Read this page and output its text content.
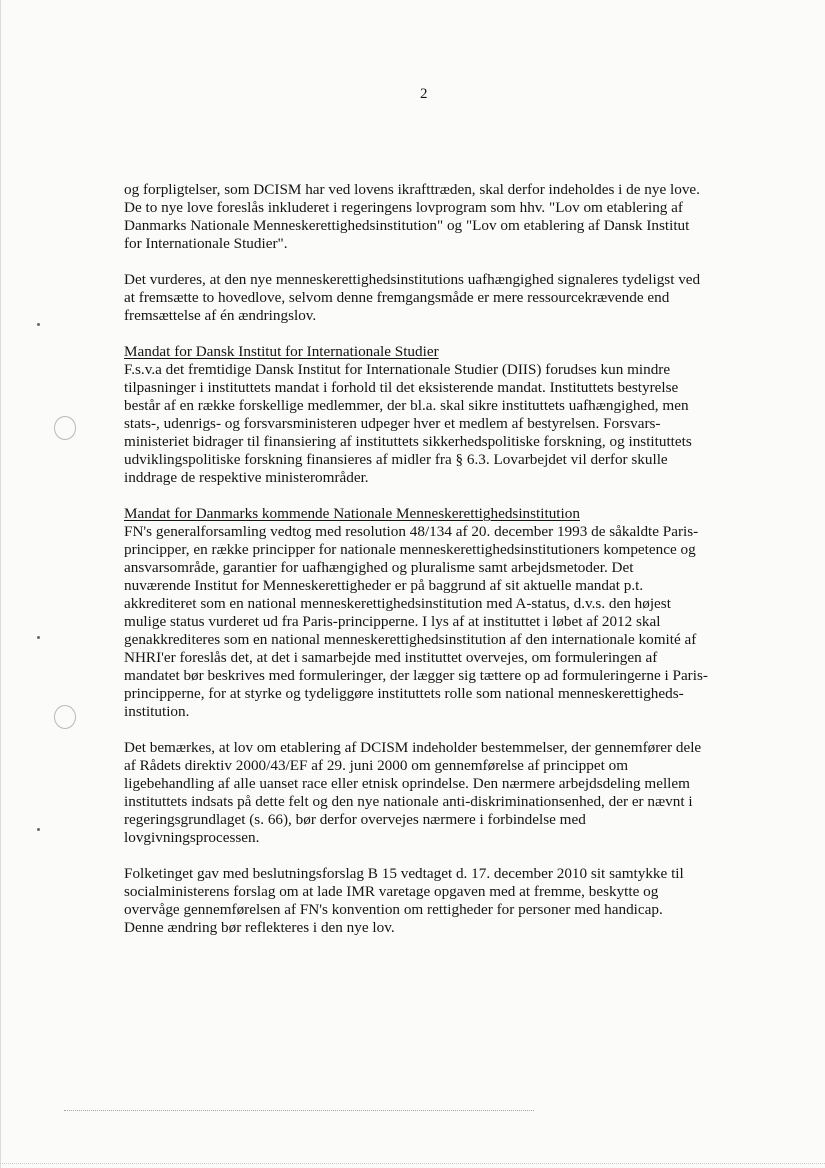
2
og forpligtelser, som DCISM har ved lovens ikrafttræden, skal derfor indeholdes i de nye love.
De to nye love foreslås inkluderet i regeringens lovprogram som hhv. "Lov om etablering af
Danmarks Nationale Menneskerettighedsinstitution" og "Lov om etablering af Dansk Institut
for Internationale Studier".
Det vurderes, at den nye menneskerettighedsinstitutions uafhængighed signaleres tydeligst ved
at fremsætte to hovedlove, selvom denne fremgangsmåde er mere ressourcekrævende end
fremsættelse af én ændringslov.
Mandat for Dansk Institut for Internationale Studier
F.s.v.a det fremtidige Dansk Institut for Internationale Studier (DIIS) forudses kun mindre
tilpasninger i instituttets mandat i forhold til det eksisterende mandat. Instituttets bestyrelse
består af en række forskellige medlemmer, der bl.a. skal sikre instituttets uafhængighed, men
stats-, udenrigs- og forsvarsministeren udpeger hver et medlem af bestyrelsen. Forsvars-
ministeriet bidrager til finansiering af instituttets sikkerhedspolitiske forskning, og instituttets
udviklingspolitiske forskning finansieres af midler fra § 6.3. Lovarbejdet vil derfor skulle
inddrage de respektive ministerområder.
Mandat for Danmarks kommende Nationale Menneskerettighedsinstitution
FN's generalforsamling vedtog med resolution 48/134 af 20. december 1993 de såkaldte Paris-
principper, en række principper for nationale menneskerettighedsinstitutioners kompetence og
ansvarsområde, garantier for uafhængighed og pluralisme samt arbejdsmetoder. Det
nuværende Institut for Menneskerettigheder er på baggrund af sit aktuelle mandat p.t.
akkrediteret som en national menneskerettighedsinstitution med A-status, d.v.s. den højest
mulige status vurderet ud fra Paris-principperne. I lys af at instituttet i løbet af 2012 skal
genakkrediteres som en national menneskerettighedsinstitution af den internationale komité af
NHRI'er foreslås det, at det i samarbejde med instituttet overvejes, om formuleringen af
mandatet bør beskrives med formuleringer, der lægger sig tættere op ad formuleringerne i Paris-
principperne, for at styrke og tydeliggøre instituttets rolle som national menneskerettigheds-
institution.
Det bemærkes, at lov om etablering af DCISM indeholder bestemmelser, der gennemfører dele
af Rådets direktiv 2000/43/EF af 29. juni 2000 om gennemførelse af princippet om
ligebehandling af alle uanset race eller etnisk oprindelse. Den nærmere arbejdsdeling mellem
instituttets indsats på dette felt og den nye nationale anti-diskriminationsenhed, der er nævnt i
regeringsgrundlaget (s. 66), bør derfor overvejes nærmere i forbindelse med
lovgivningsprocessen.
Folketinget gav med beslutningsforslag B 15 vedtaget d. 17. december 2010 sit samtykke til
socialministerens forslag om at lade IMR varetage opgaven med at fremme, beskytte og
overvåge gennemførelsen af FN's konvention om rettigheder for personer med handicap.
Denne ændring bør reflekteres i den nye lov.
